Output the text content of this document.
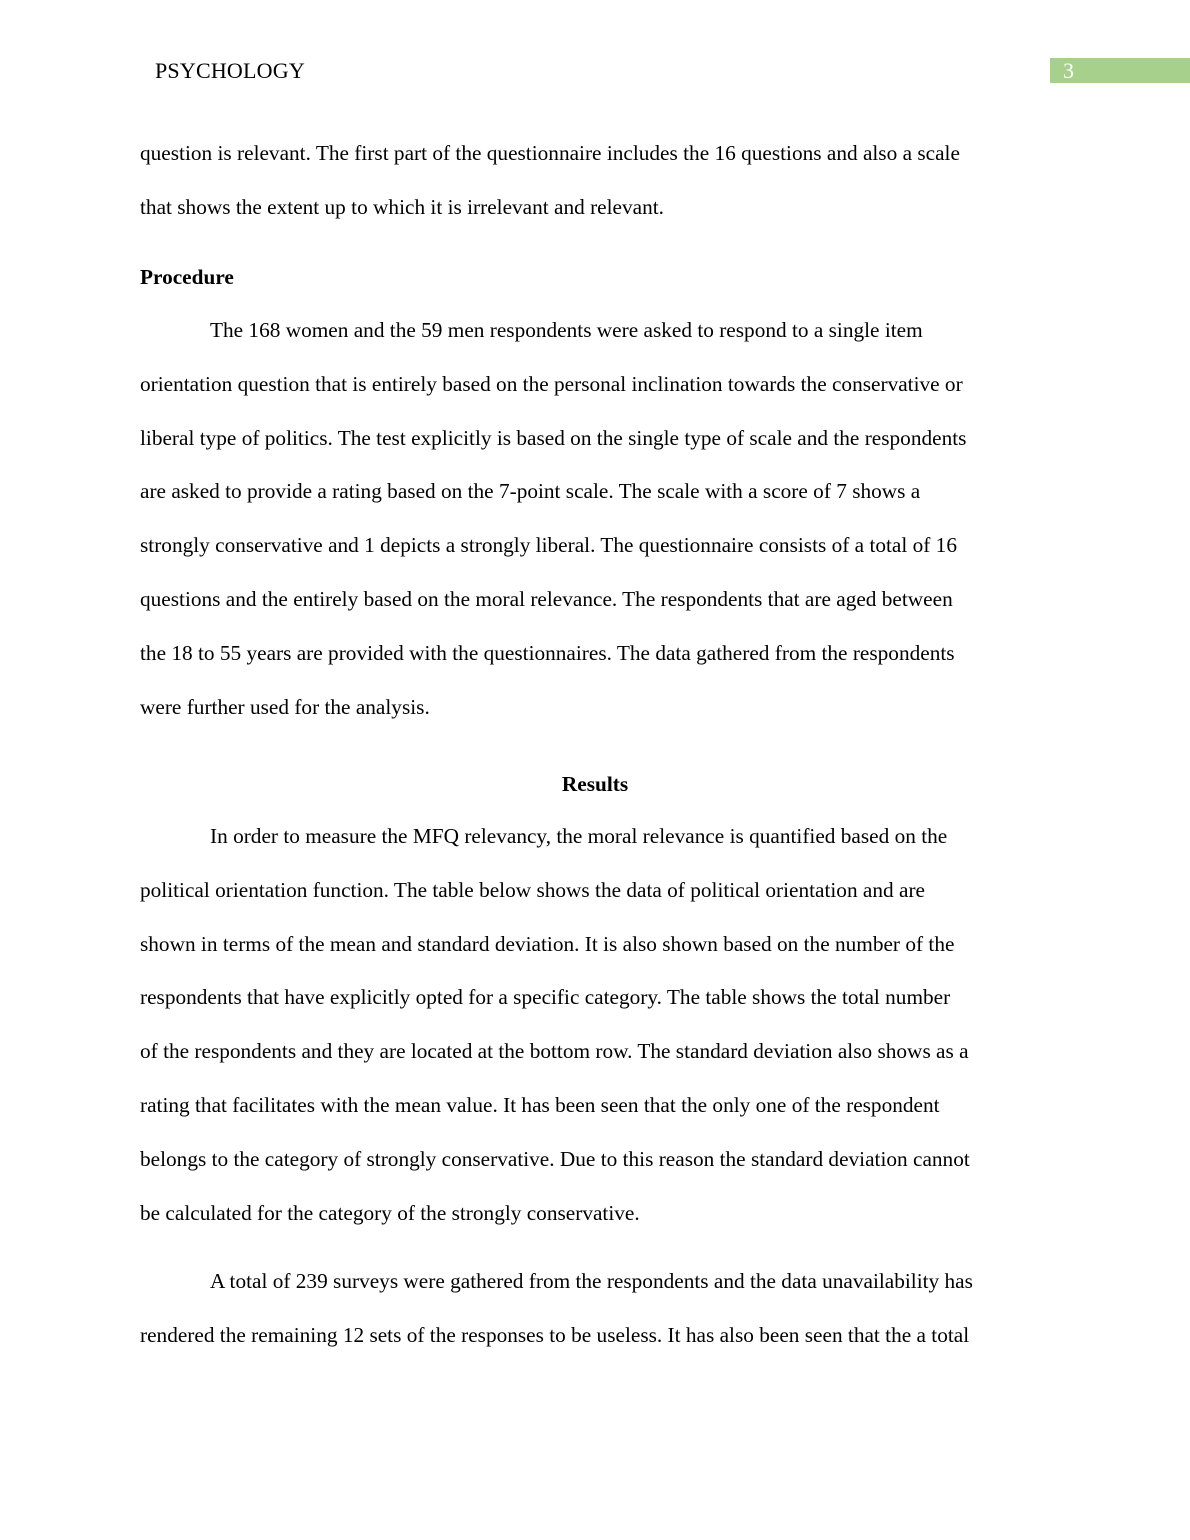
PSYCHOLOGY	3
question is relevant. The first part of the questionnaire includes the 16 questions and also a scale
that shows the extent up to which it is irrelevant and relevant.
Procedure
The 168 women and the 59 men respondents were asked to respond to a single item
orientation question that is entirely based on the personal inclination towards the conservative or
liberal type of politics. The test explicitly is based on the single type of scale and the respondents
are asked to provide a rating based on the 7-point scale. The scale with a score of 7 shows a
strongly conservative and 1 depicts a strongly liberal. The questionnaire consists of a total of 16
questions and the entirely based on the moral relevance. The respondents that are aged between
the 18 to 55 years are provided with the questionnaires. The data gathered from the respondents
were further used for the analysis.
Results
In order to measure the MFQ relevancy, the moral relevance is quantified based on the
political orientation function. The table below shows the data of political orientation and are
shown in terms of the mean and standard deviation. It is also shown based on the number of the
respondents that have explicitly opted for a specific category. The table shows the total number
of the respondents and they are located at the bottom row. The standard deviation also shows as a
rating that facilitates with the mean value. It has been seen that the only one of the respondent
belongs to the category of strongly conservative. Due to this reason the standard deviation cannot
be calculated for the category of the strongly conservative.
A total of 239 surveys were gathered from the respondents and the data unavailability has
rendered the remaining 12 sets of the responses to be useless. It has also been seen that the a total
